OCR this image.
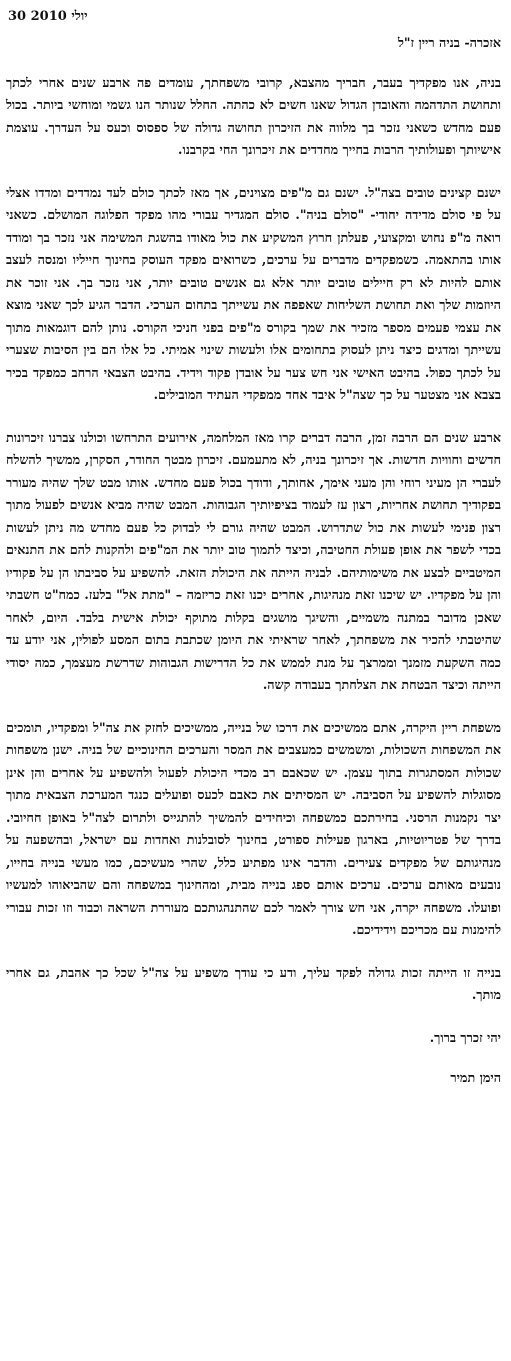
30 יולי 2010

אזכרה- בניה ריין ז"ל

בניה, אנו מפקדיך בעבר, חבריך מהצבא, קרובי משפחתך, עומדים פה ארבע שנים אחרי לכתך ותחושת התדהמה והאובדן הגדול שאנו חשים לא כהתה. החלל שנותר הנו גשמי ומוחשי ביותר. בכול פעם מחדש כשאני נזכר בך מלווה את הזיכרון תחושה גדולה של ספסוס וכעס על העדרך. עוצמת אישיותך ופעולותיך הרבות בחייך מחדדים את זיכרונך החי בקרבנו.

ישנם קצינים טובים בצה"ל. ישנם גם מ"פים מצוינים, אך מאז לכתך כולם לעד נמדדים ומדדו אצלי על פי סולם מדידה יחודי- "סולם בניה". סולם המגדיר עבורי מהו מפקד הפלוגה המושלם. כשאני רואה מ"פ נחוש ומקצועי, פעלתן חרוץ המשקיע את כול מאודו בהשגת המשימה אני נזכר בך ומודד אותו בהתאמה. כשמפקדים מדברים על ערכים, כשרואים מפקד העוסק בחינוך חייליו ומנסה לעצב אותם להיות לא רק חיילים טובים יותר אלא גם אנשים טובים יותר, אני נזכר בך. אני זוכר את היוזמות שלך ואת תחושת השליחות שאפפה את עשייתך בתחום הערכי. הדבר הגיע לכך שאני מוצא את עצמי פעמים מספר מזכיר את שמך בקורס מ"פים בפני חניכי הקורס. נותן להם דוגמאות מתוך עשייתך ומדגים כיצד ניתן לעסוק בתחומים אלו ולעשות שינוי אמיתי. כל אלו הם בין הסיבות שצערי על לכתך כפול. בהיבט האישי אני חש צער על אובדן פקוד וידיד. בהיבט הצבאי הרחב כמפקד בכיר בצבא אני מצטער על כך שצה"ל איבד אחד ממפקדי העתיד המובילים.

ארבע שנים הם הרבה זמן, הרבה דברים קרו מאז המלחמה, אירועים התרחשו וכולנו צברנו זיכרונות חדשים וחוויות חדשות. אך זיכרונך בניה, לא מתעמעם. זיכרון מבטך החודר, הסקרן, ממשיך להשלח לעברי הן מעיני רוחי והן מעני אימך, אחותך, ודודך בכול פעם מחדש. אותו מבט שלך שהיה מעורר בפקודיך תחושת אחריות, רצון עז לעמוד בציפיותיך הגבוהות. המבט שהיה מביא אנשים לפעול מתוך רצון פנימי לעשות את כול שתדרוש. המבט שהיה גורם לי לבדוק כל פעם מחדש מה ניתן לעשות בכדי לשפר את אופן פעולת החטיבה, וכיצד לתמוך טוב יותר את המ"פים ולהקנות להם את התנאים המיטביים לבצע את משימותיהם. לבניה הייתה את היכולת הזאת. להשפיע על סביבתו הן על פקודיו והן על מפקדיו. יש שיכנו זאת מנהיגות, אחרים יכנו זאת כריזמה – "מתת אל" בלעז. כמח"ט חשבתי שאכן מדובר במתנה משמיים, והשיגך מושגים בקלות מתוקף יכולת אישית בלבד. היום, לאחר שהיטבתי להכיר את משפחתך, לאחר שראיתי את היומן שכתבת בתום המסע לפולין, אני יודע עד כמה השקעת מזמנך וממרצך על מנת לממש את כל הדרישות הגבוהות שדרשת מעצמך, כמה יסודי הייתה וכיצד הבטחת את הצלחתך בעבודה קשה.

משפחת ריין היקרה, אתם ממשיכים את דרכו של בנייה, ממשיכים לחזק את צה"ל ומפקדיו, תומכים את המשפחות השכולות, ומשמשים כמעצבים את המסר והערכים החינוכיים של בניה. ישנן משפחות שכולות המסתגרות בתוך עצמן. יש שכאבם רב מכדי היכולת לפעול ולהשפיע על אחרים והן אינן מסוגלות להשפיע על הסביבה. יש המסיתים את כאבם לכעס ופועלים כנגד המערכת הצבאית מתוך יצר נקמנות הרסני. בחירתכם כמשפחה וכיחידים להמשיך להתגייס ולתרום לצה"ל באופן חחיובי. בדרך של פטריוטיות, בארגון פעילות ספורט, בחינוך לסובלנות ואחדות עם ישראל, ובהשפעה על מנהיגותם של מפקדים צעירים. והדבר אינו מפתיע כלל, שהרי מעשיכם, כמו מעשי בנייה בחייו, נובעים מאותם ערכים. ערכים אותם ספג בנייה מבית, ומהחינוך במשפחה והם שהביאוהו למעשיו ופועלו. משפחה יקרה, אני חש צורך לאמר לכם שהתנהגותכם מעוררת השראה וכבוד וזו זכות עבורי להימנות עם מכריכם וידידיכם.

בנייה זו הייתה זכות גדולה לפקד עליך, ודע כי עודך משפיע על צה"ל שכל כך אהבת, גם אחרי מותך.

יהי זכרך ברוך.

הימן תמיר
